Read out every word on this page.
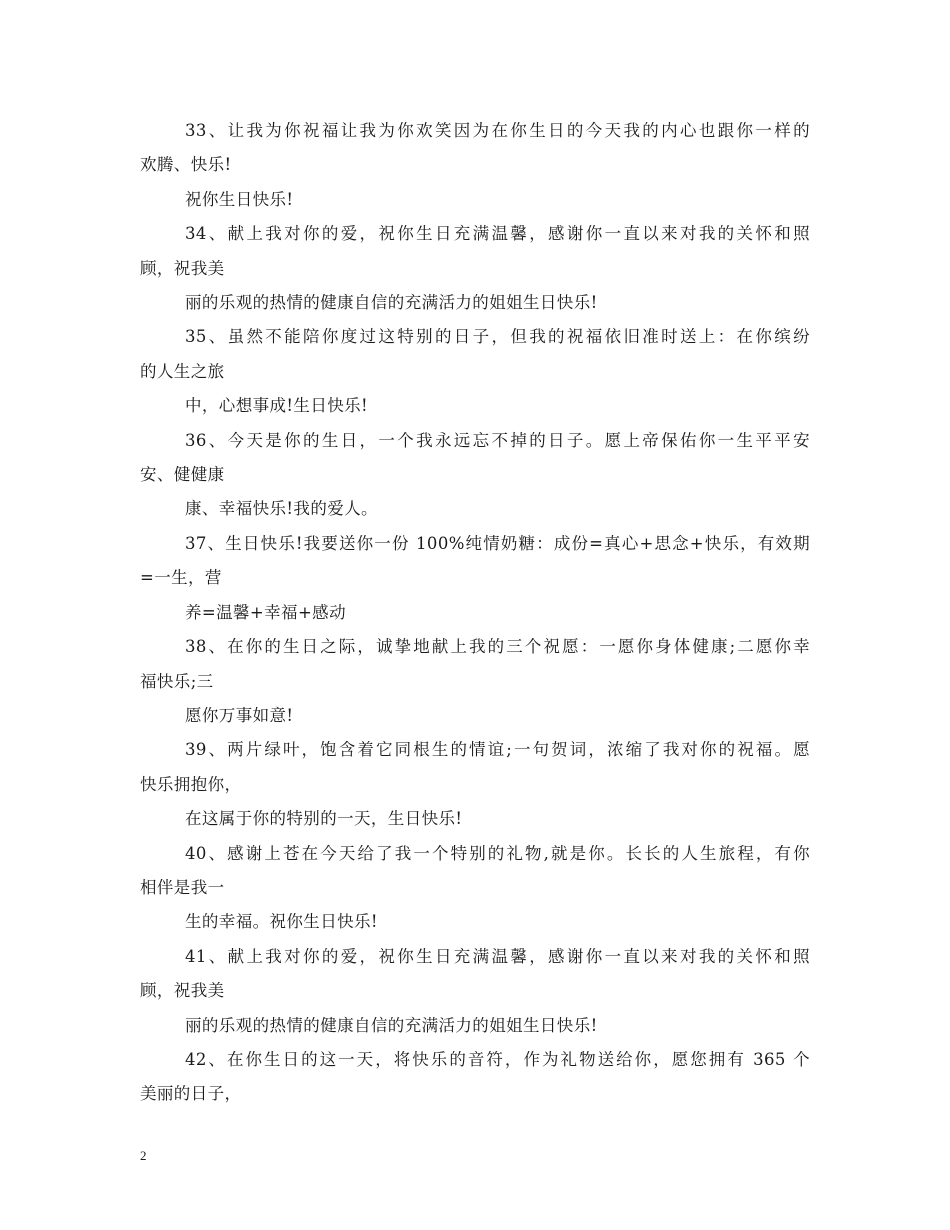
33、让我为你祝福让我为你欢笑因为在你生日的今天我的内心也跟你一样的
欢腾、快乐!
祝你生日快乐!
34、献上我对你的爱，祝你生日充满温馨，感谢你一直以来对我的关怀和照
顾，祝我美
丽的乐观的热情的健康自信的充满活力的姐姐生日快乐!
35、虽然不能陪你度过这特别的日子，但我的祝福依旧准时送上：在你缤纷
的人生之旅
中，心想事成!生日快乐!
36、今天是你的生日，一个我永远忘不掉的日子。愿上帝保佑你一生平平安
安、健健康
康、幸福快乐!我的爱人。
37、生日快乐!我要送你一份 100%纯情奶糖：成份=真心+思念+快乐，有效期
=一生，营
养=温馨+幸福+感动
38、在你的生日之际，诚挚地献上我的三个祝愿：一愿你身体健康;二愿你幸
福快乐;三
愿你万事如意!
39、两片绿叶，饱含着它同根生的情谊;一句贺词，浓缩了我对你的祝福。愿
快乐拥抱你，
在这属于你的特别的一天，生日快乐!
40、感谢上苍在今天给了我一个特别的礼物,就是你。长长的人生旅程，有你
相伴是我一
生的幸福。祝你生日快乐!
41、献上我对你的爱，祝你生日充满温馨，感谢你一直以来对我的关怀和照
顾，祝我美
丽的乐观的热情的健康自信的充满活力的姐姐生日快乐!
42、在你生日的这一天，将快乐的音符，作为礼物送给你，愿您拥有 365 个
美丽的日子，
2
